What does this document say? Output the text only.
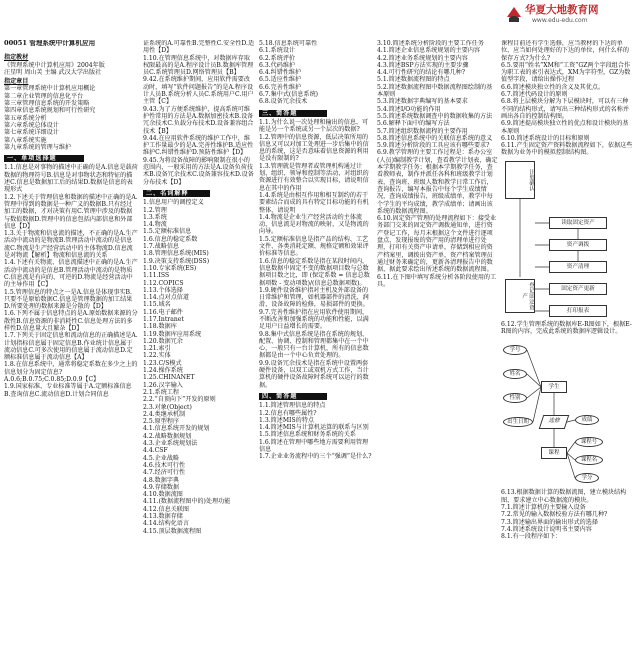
华夏大地教育网
www.edu-edu.com
00051 管理系统中计算机应用
指定教材
《管理系统中计算机应用》2004年版
汪星明 周山芙 主编 武汉大学出版社
指定章目
第一章管理系统中计算机应用概论
第二章企业管理的信息化平台
第三章管理信息系统的开发策略
第四章信息系统规划和可行性研究
第五章系统分析
第六章系统总体设计
第七章系统详细设计
第八章系统实施
第九章系统的管理与维护
一、单项选择题
1.1.信息是对事物的描述中正确的是A.信息是载荷数据的物理符号B.信息是对事物状态和特征的描述C.信息是数据加工后的结果D.数据是信息的表现形式
1.2.下述关于管理信息和数据的描述中正确的是A.管理中得到的数据是一种广义的数据B.只有经过加工的数据，才对决策有用C.管理中涉及的数据与数值数据D.管理中的信息包括内部信息和外部信息【D】
1.3.关于物流和信息流的描述，不正确的是A.生产活动中流动的是物流B.管理活动中流动的是信息流C.物流是生产经营活动中的主体物流D.信息流是对物流【解析】物流和信息流的关系
1.4.下述有关物流、信息流描述中正确的是A.生产活动中流动的是信息B.管理活动中流动的是物质C.信息流是有向的、可逆的D.物流是经营活动中的主导作用【C】
1.5.管理信息的特点之一是A.信息是体现事实B.只要不是原始数据C.信息是管理数据的加工结果D.所要处理的数据来源是分散的【D】
1.6.下列不属于信息特点的是A.原始数据来源的分散性B.信息资源的非消耗性C.信息处理方法的多样性D.信息量大且繁杂【D】
1.7.下列关于固定信息和流动信息的正确描述是A.计划指标信息属于固定信息B.作业统计信息属于流动信息C.可多次使用的信息属于流动信息D.定额标准信息属于流动信息【A】
1.8.在信息系统中，通常将稳定系数在多少之上的信息划分为固定信息?A.0.6;B.0.75;C.0.85;D.0.9【C】
1.9.国家标准、专业标准等属于A.定额标准信息B.查询信息C.流动信息D.计划合同信息
证系统的A.可靠性B.完整性C.安全性D.适用性【D】
1.10.在管理信息系统中，对数据库存取权限最高的是A.程序设计员B.数据库管理员C.系统管理员D.网络管理员【B】
9.42.在系统维护期间，应用软件需要改动时，填写“软件问题报告”的是A.程序设计人员B.系统分析人员C.系统用户C.用户主管【C】
9.43.为了方便系统维护，提高系统可维护性常用的方法是A.数据加密技术B.设备冗余技术C.负载分布技术D.设备兼容组合技术【B】
9.44.在应用软件系统的维护工作中，维护工作量最少的是A.完善性维护B.适应性维护C.纠错性维护D.预防性维护【D】
9.45.为将设备故障的影响限制在很小的范围内，一般采用的方法是A.设备负荷技术B.设备冗余技术C.设备兼容技术D.设备分布技术【D】
二、名词解释
1.信息用户的调控定义
1.2.管理
1.3.系统
1.4.物流
1.5.定额标准信息
1.6.信息的稳定系数
1.7.战略信息
1.8.管理信息系统(MIS)
1.9.决策支持系统(DSS)
1.10.专家系统(ES)
1.11.ISS
1.12.COPICS
1.13.个体选择
1.14.点对点信道
1.15.域名
1.16.电子邮件
1.17.Intranet
1.18.数据库
1.19.数据库应用系统
1.20.数据冗余
1.21.索引
1.22.实体
1.23.C/S模式
1.24.操作系统
1.25.CHINANET
1.26.汉字输入
2.1.系统工程
2.2.“自顶向下”开发的原则
2.3.对象(Object)
2.4.类继承机制
2.5.原型程序
4.1.信息系统开发的规划
4.2.战略数据规划
4.3.企业系统规划法
4.4.CSF
4.5.企业战略
4.6.技术可行性
4.7.经济可行性
4.8.数据字典
4.9.存储数据
4.10.数据流图
4.11.(数据流程图中的)处理功能
4.12.信息关联图
4.13.数据存储
4.14.结构化语言
4.15.顶层数据流程图
5.18.信息系统可靠性
6.1.系统设计
6.2.系统评价
6.3.代码维护
6.4.纠错性维护
6.5.适应性维护
6.6.完善性维护
6.7.集中式(信息系统)
6.8.设备冗余技术
三、简答题
1.1.为什么说一次处理和输出的信息，可能是另一个系统或另一个层次的数据?
1.2.管理中的信息资源，低层决策所用的信息又可以对加工处理进一步后集中的信息的系统，这是否意味着信息资源的利用是没有限制的?
1.3.管理就是管理者或管理机构通过计划、组织、领导和控制等活动，对组织的资源进行有效整合以实现目标，请说明信息在其中的作用
1.4.系统是由相互作用和相互制约的若干要素结合而成的具有特定目标功能的有机整体，请说明
1.4.物流是企业生产经营活动的主体流动，信息流是对物流的映射，又是物流的向导。
1.5.定额标准信息是指产品的结构、工艺文件、各类消耗定额、规格定额和效果评价标准等信息。
1.6.信息的稳定系数是指在某段时间内，信息数据中固定不变的数据项目数与总数据项目数之比，即 (保定系数 = 信息总数据项数 - 变动项数)/(信息总数据项数)。
1.9.硬件设备维护指对主机及外部设备的日常维护和管理，如机器部件的清洗、润滑，设备故障的检修，易损部件的更换。
9.7.完善性维护指在应用软件使用期间，不断改善和加强系统的功能和性能，以满足用户日益增长的需要。
9.8.集中式信息系统是指在系统的规划、配置、协调、控制和管理都集中在一个中心，一般只有一台计算机，所有的信息数据都是由一个中心负责处理的。
9.9.设备冗余技术是指在系统中设置两套硬件设备，以双工或双机方式工作，当计算机的硬件设备故障时系统可以运行的数据。
四、简答题
1.1.简述管理信息的特点
1.2.信息有哪些属性?
1.3.简述MIS的特点
1.4.简述MIS与计算机运算的联系与区别
1.5.简述信息系统和财务系统的关系
1.6.简述在管理中哪些地方需要利用管理信息
1.7.企业业务流程中的三个“强调”是什么?
3.10.简述系统分析阶段的主要工作任务
4.1.简述企业信息系统规划的主要内容
4.2.简述业务系统规划的主要内容
4.3.简述BSP方法实现的主要步骤
4.4.可行性研究的结论有哪几种?
5.1.简述数据流程图的特点
5.2.简述数据流程图中数据流程图绘制的基本原则
5.3.简述数据字典编写的基本要求
5.4.简述I/O功能的作用
5.5.简述系统数据调查中的数据收集的方法
5.6.解释下面中的编写方法
5.7.简述组织数据流程的主要作用
5.8.简述信息系统中的关联信息系统的意义
5.9.简述分析阶段的工具应该有哪些要求?
6.9.教学管理的主要工作过程是：系办公室(人员)编制教学计划，查看教学计划表，确定本学期教学任务；根据本学期教学任务，查看教师表，制作并派任各科和班级教学计划表，查询班、班级人数和教学日常工作后，查询报告，编写本报告中每个学生成绩情况，查询成绩报告，班级成绩单，教学中每个学生的平均成绩，教学成绩单；请画出该系统的数据流程图。
6.10.固定资产管理的处理流程如下：接受业务部门交来的固定资产调拨通知单，进行资产登记工作，每月末根据这个文件进行逐项盘点，发现报废的资产用的清理单进行处理，打印有关资产申请单，存储到相应的资产档案里，调拨出资产单，资产档案管理员通过财务来确定的，更新各清理报告中的数据，据此要求绘出所述系统的数据流程图。
6.11.在下图中填写系统分析各阶段使用的工具。
课程目前还有学生选修，应当教材的下达的单位，应当如何处理好的下达的单位，何什么样的保存方式?为什么?
6.5.要用“姓名”XM和“工资”GZ两个字段组合作为职工表的索引表达式，XM为字符型，GZ为数值型字段，请给出操作过程
6.6.简述模块独立性的含义及其优点。
6.7.简述代码设计的原则
6.8.将上层模块分解为下层模块时，可以有三种不同的结构形式，请写出三种结构形式的名称并画出各自的控制结构图。
6.9.简述提高模块独立性的优点和设计模块的基本原则
6.10.简述系统设计的目标和原则
6.11.产生固定资产资料数据流程如下，依据这些数据为业务中的模拟控制结构图。
计划确认
读取固定资产
资产调拨
资产清理
登记固定资产
固定资产更新
打印报表
6.12.学生管理系统的数据库E-R图如下，根据E-R图的内容，完成此系统的数据库逻辑设计。
学号
姓名
性别
出生日期
学生
选修
课程
成绩
课程号
课程名
学分
6.13.根据数据计算的数据流图，建立模块结构图，要求建立中心数据流的模块。
7.1.简述计算机的主要输入设备
7.2.常见的输入数据校验方法有哪几种?
7.3.简述输出界面的输出形式的选择
7.4.简述系统设计说明书主要内容
8.1.有一段程序如下：
